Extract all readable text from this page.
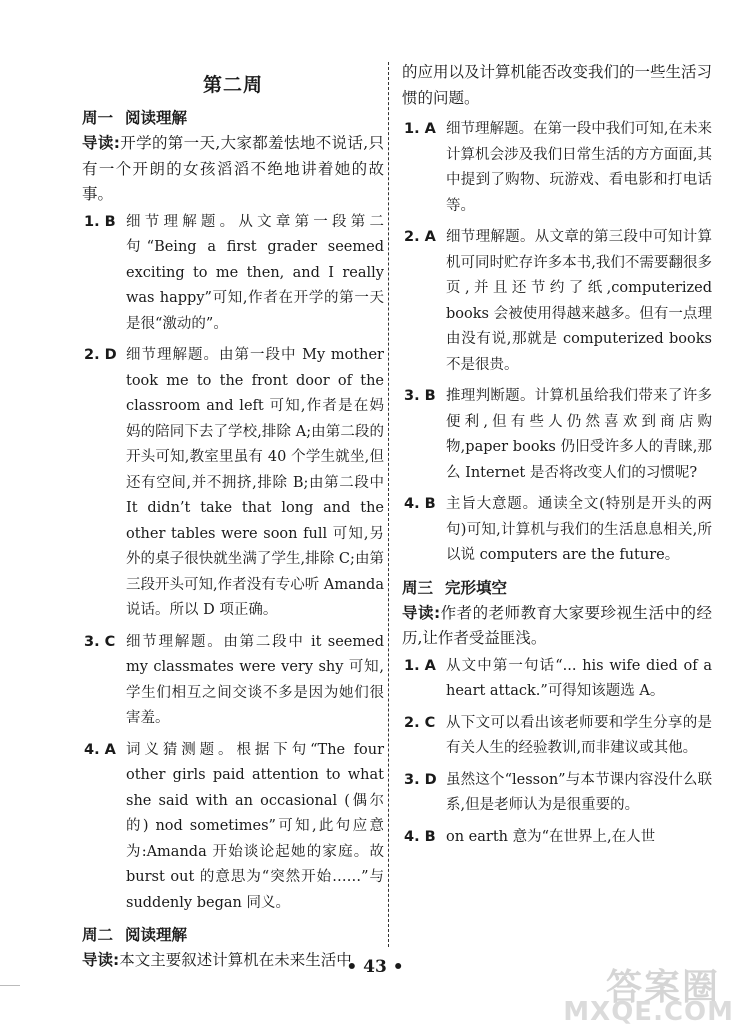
第二周
周一 阅读理解
导读:开学的第一天,大家都羞怯地不说话,只有一个开朗的女孩滔滔不绝地讲着她的故事。
1. B 细节理解题。从文章第一段第二句“Being a first grader seemed exciting to me then, and I really was happy”可知,作者在开学的第一天是很“激动的”。
2. D 细节理解题。由第一段中 My mother took me to the front door of the classroom and left 可知,作者是在妈妈的陪同下去了学校,排除 A;由第二段的开头可知,教室里虽有 40 个学生就坐,但还有空间,并不拥挤,排除 B;由第二段中 It didn’t take that long and the other tables were soon full 可知,另外的桌子很快就坐满了学生,排除 C;由第三段开头可知,作者没有专心听 Amanda 说话。所以 D 项正确。
3. C 细节理解题。由第二段中 it seemed my classmates were very shy 可知,学生们相互之间交谈不多是因为她们很害羞。
4. A 词义猜测题。根据下句“The four other girls paid attention to what she said with an occasional (偶尔的) nod sometimes”可知,此句应意为:Amanda 开始谈论起她的家庭。故 burst out 的意思为“突然开始……”与 suddenly began 同义。
周二 阅读理解
导读:本文主要叙述计算机在未来生活中
的应用以及计算机能否改变我们的一些生活习惯的问题。
1. A 细节理解题。在第一段中我们可知,在未来计算机会涉及我们日常生活的方方面面,其中提到了购物、玩游戏、看电影和打电话等。
2. A 细节理解题。从文章的第三段中可知计算机可同时贮存许多本书,我们不需要翻很多页,并且还节约了纸,computerized books 会被使用得越来越多。但有一点理由没有说,那就是 computerized books 不是很贵。
3. B 推理判断题。计算机虽给我们带来了许多便利,但有些人仍然喜欢到商店购物,paper books 仍旧受许多人的青睐,那么 Internet 是否将改变人们的习惯呢?
4. B 主旨大意题。通读全文(特别是开头的两句)可知,计算机与我们的生活息息相关,所以说 computers are the future。
周三 完形填空
导读:作者的老师教育大家要珍视生活中的经历,让作者受益匪浅。
1. A 从文中第一句话“... his wife died of a heart attack.”可得知该题选 A。
2. C 从下文可以看出该老师要和学生分享的是有关人生的经验教训,而非建议或其他。
3. D 虽然这个“lesson”与本节课内容没什么联系,但是老师认为是很重要的。
4. B on earth 意为“在世界上,在人世
• 43 •	答案圈
MXQE.COM
